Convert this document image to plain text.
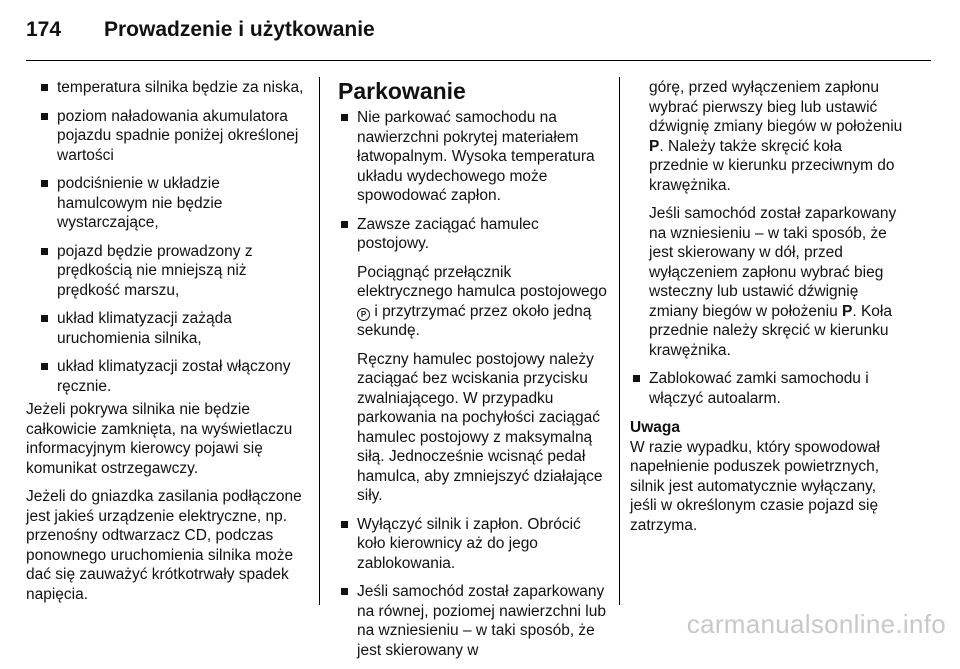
174 Prowadzenie i użytkowanie
temperatura silnika będzie za niska,
poziom naładowania akumulatora pojazdu spadnie poniżej określonej wartości
podciśnienie w układzie hamulcowym nie będzie wystarczające,
pojazd będzie prowadzony z prędkością nie mniejszą niż prędkość marszu,
układ klimatyzacji zażąda uruchomienia silnika,
układ klimatyzacji został włączony ręcznie.

Jeżeli pokrywa silnika nie będzie całkowicie zamknięta, na wyświetlaczu informacyjnym kierowcy pojawi się komunikat ostrzegawczy.

Jeżeli do gniazdka zasilania podłączone jest jakieś urządzenie elektryczne, np. przenośny odtwarzacz CD, podczas ponownego uruchomienia silnika może dać się zauważyć krótkotrwały spadek napięcia.

Parkowanie
Nie parkować samochodu na nawierzchni pokrytej materiałem łatwopalnym. Wysoka temperatura układu wydechowego może spowodować zapłon.
Zawsze zaciągać hamulec postojowy.
Pociągnąć przełącznik elektrycznego hamulca postojowego P i przytrzymać przez około jedną sekundę.
Ręczny hamulec postojowy należy zaciągać bez wciskania przycisku zwalniającego. W przypadku parkowania na pochyłości zaciągać hamulec postojowy z maksymalną siłą. Jednocześnie wcisnąć pedał hamulca, aby zmniejszyć działające siły.
Wyłączyć silnik i zapłon. Obrócić koło kierownicy aż do jego zablokowania.
Jeśli samochód został zaparkowany na równej, poziomej nawierzchni lub na wzniesieniu – w taki sposób, że jest skierowany w
górę, przed wyłączeniem zapłonu wybrać pierwszy bieg lub ustawić dźwignię zmiany biegów w położeniu P. Należy także skręcić koła przednie w kierunku przeciwnym do krawężnika.
Jeśli samochód został zaparkowany na wzniesieniu – w taki sposób, że jest skierowany w dół, przed wyłączeniem zapłonu wybrać bieg wsteczny lub ustawić dźwignię zmiany biegów w położeniu P. Koła przednie należy skręcić w kierunku krawężnika.
Zablokować zamki samochodu i włączyć autoalarm.
Uwaga
W razie wypadku, który spowodował napełnienie poduszek powietrznych, silnik jest automatycznie wyłączany, jeśli w określonym czasie pojazd się zatrzyma.
carmanualsonline.info
